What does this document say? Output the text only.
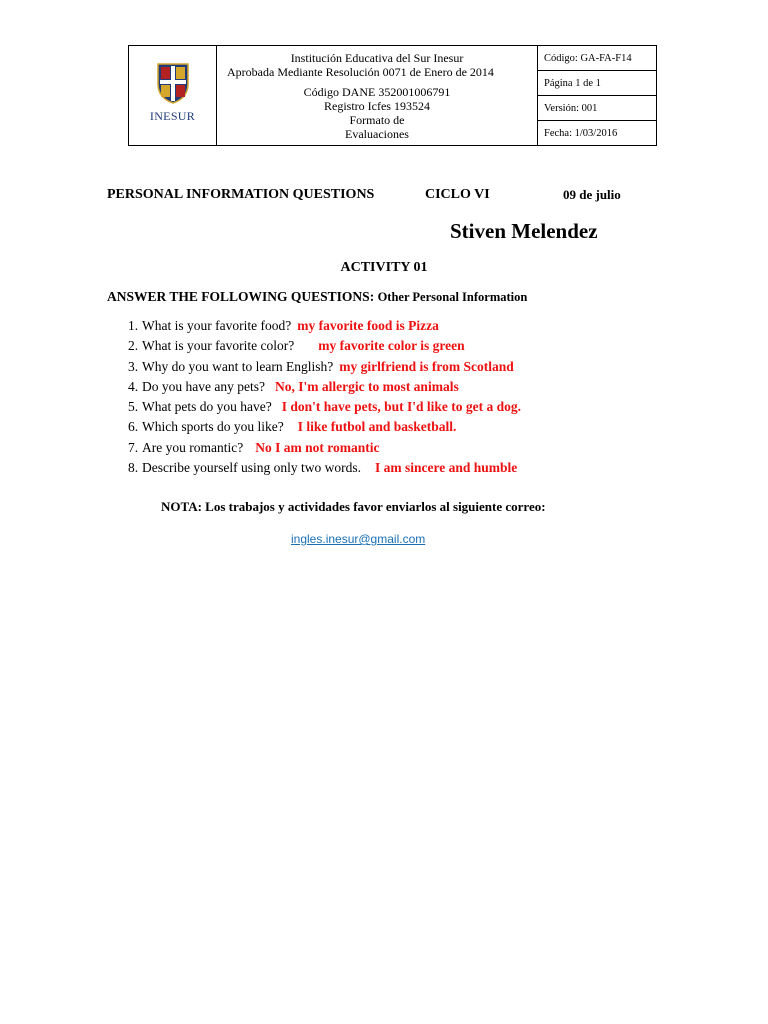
INESUR

Institución Educativa del Sur Inesur
Aprobada Mediante Resolución 0071 de Enero de 2014
Código DANE 352001006791
Registro Icfes 193524
Formato de
Evaluaciones
	Código: GA-FA-F14
Página 1 de 1
Versión: 001
Fecha: 1/03/2016
PERSONAL INFORMATION QUESTIONS	CICLO VI	09 de julio
Stiven Melendez
ACTIVITY 01
ANSWER THE FOLLOWING QUESTIONS: Other Personal Information
1. What is your favorite food? my favorite food is Pizza
2. What is your favorite color? my favorite color is green
3. Why do you want to learn English? my girlfriend is from Scotland
4. Do you have any pets? No, I'm allergic to most animals
5. What pets do you have? I don't have pets, but I'd like to get a dog.
6. Which sports do you like? I like futbol and basketball.
7. Are you romantic? No I am not romantic
8. Describe yourself using only two words. I am sincere and humble
NOTA: Los trabajos y actividades favor enviarlos al siguiente correo:
ingles.inesur@gmail.com
